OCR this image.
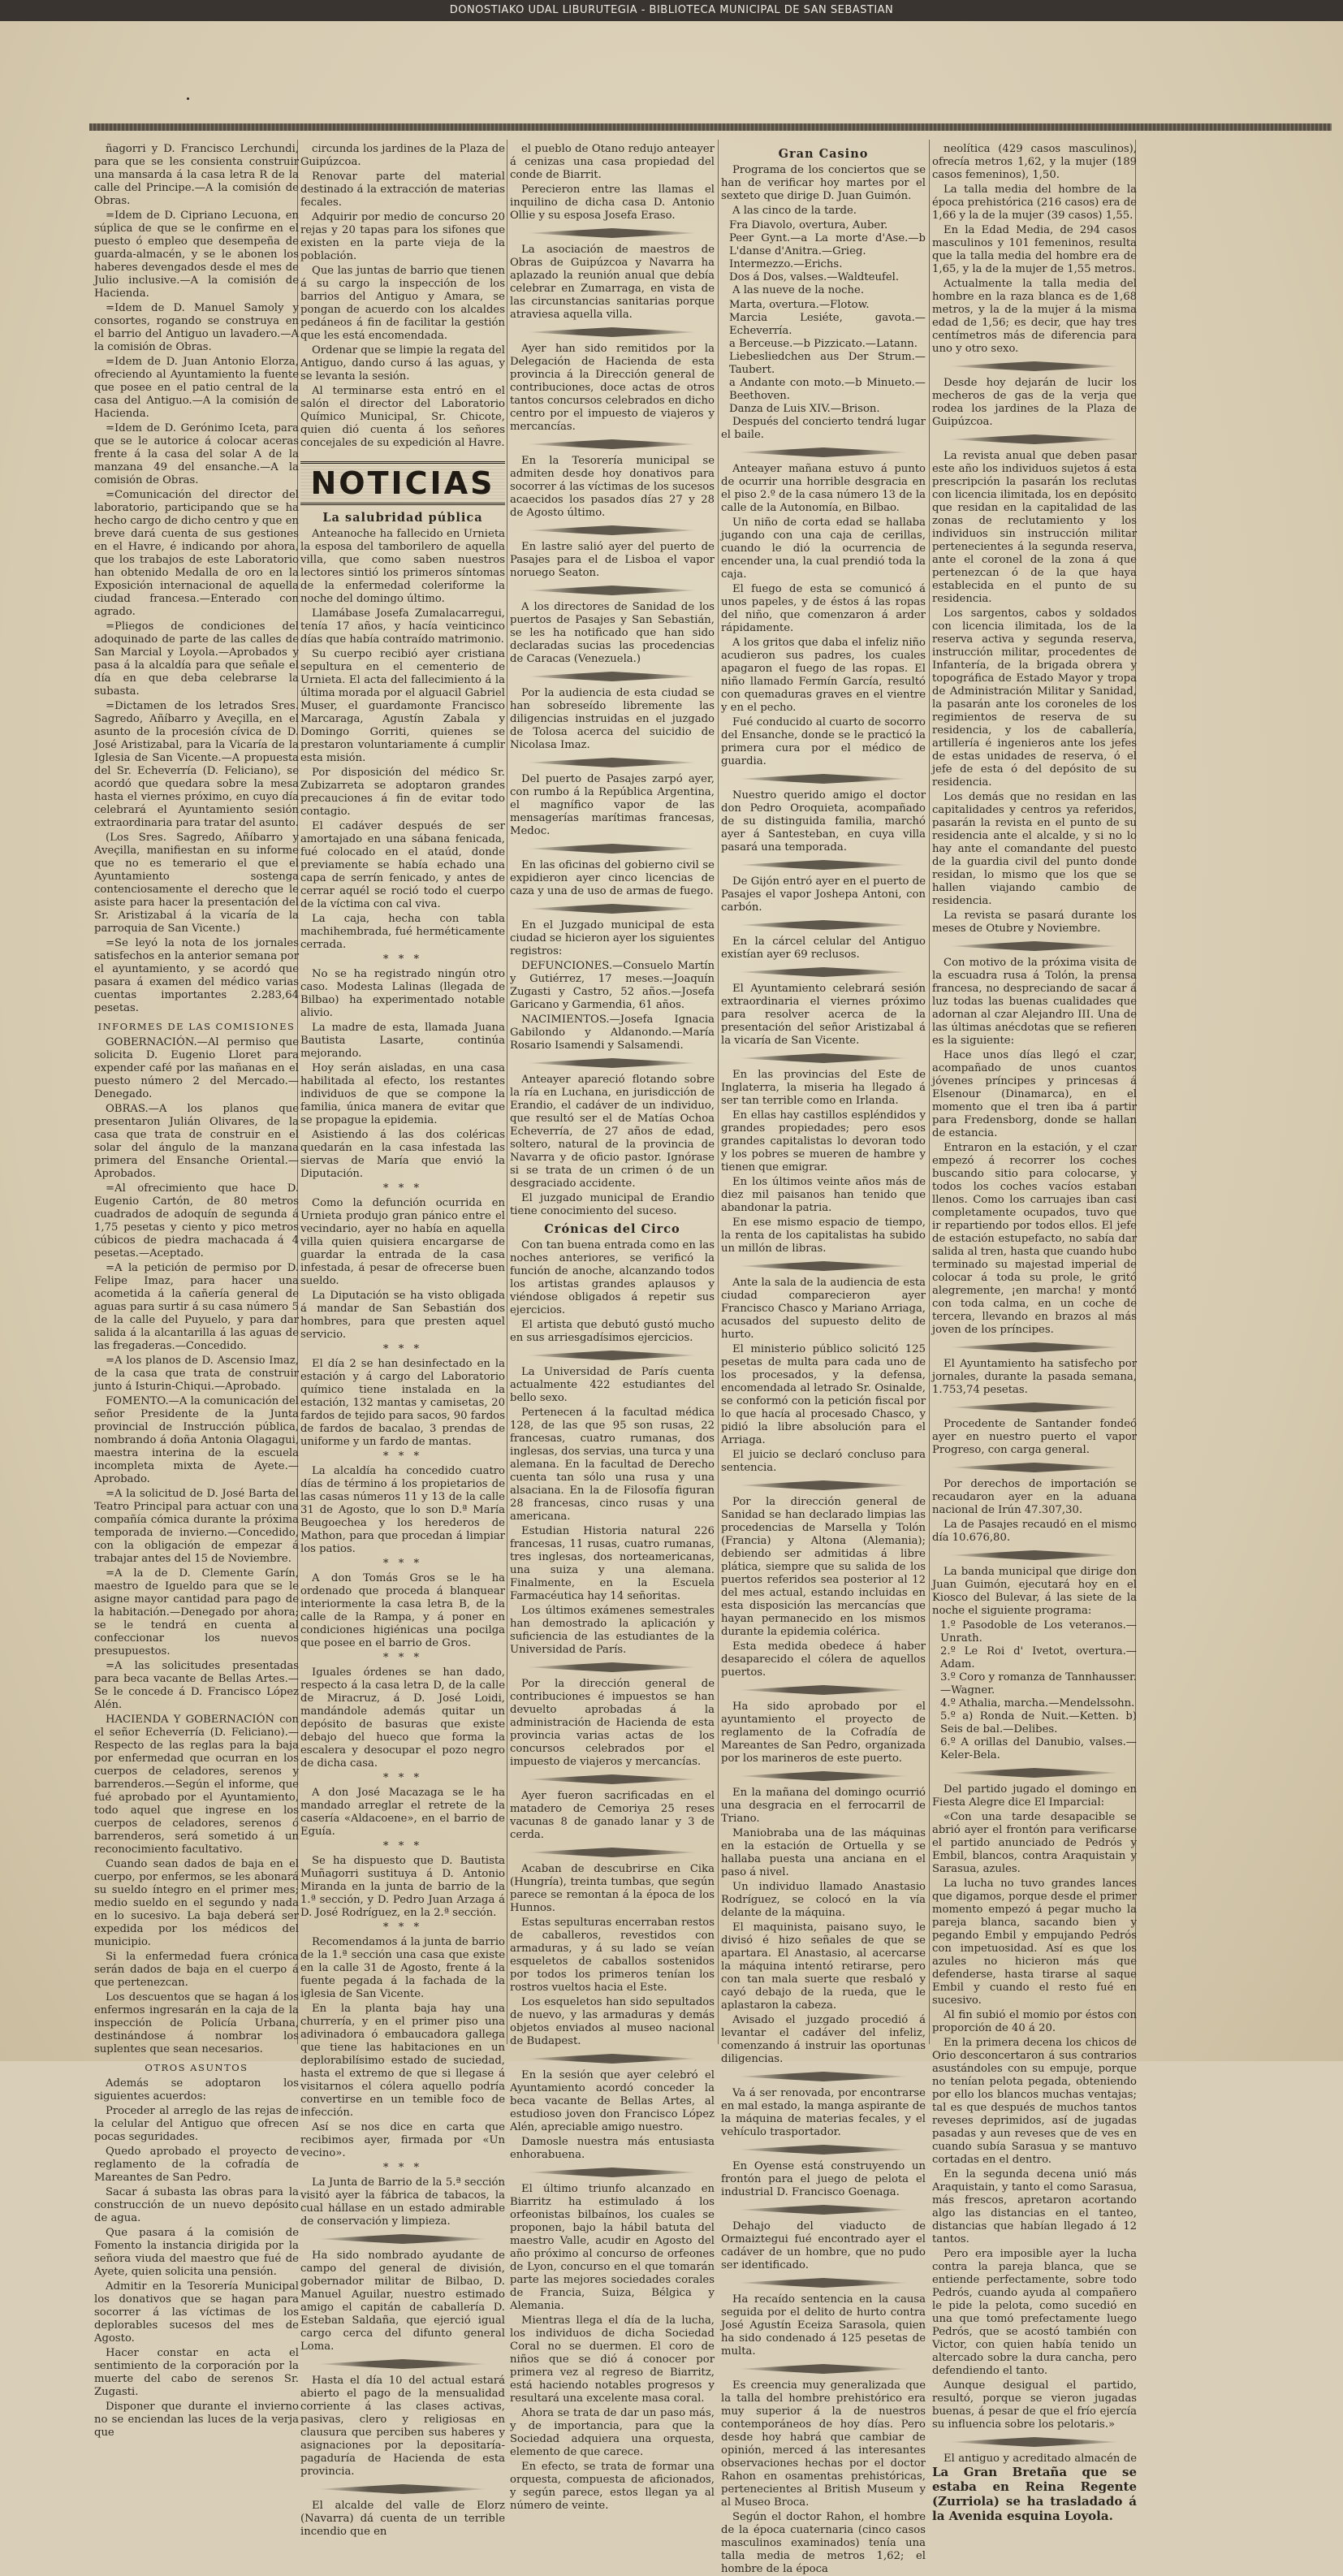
DONOSTIAKO UDAL LIBURUTEGIA - BIBLIOTECA MUNICIPAL DE SAN SEBASTIAN

ñagorri y D. Francisco Lerchundi, para que se les consienta construir una mansarda á la casa letra R de la calle del Principe.—A la comisión de Obras.

=Idem de D. Cipriano Lecuona, en súplica de que se le confirme en el puesto ó empleo que desempeña de guarda-almacén, y se le abonen los haberes devengados desde el mes de Julio inclusive.—A la comisión de Hacienda.

=Idem de D. Manuel Samoly y consortes, rogando se construya en el barrio del Antiguo un lavadero.—A la comisión de Obras.

=Idem de D. Juan Antonio Elorza, ofreciendo al Ayuntamiento la fuente que posee en el patio central de la casa del Antiguo.—A la comisión de Hacienda.

=Idem de D. Gerónimo Iceta, para que se le autorice á colocar aceras frente á la casa del solar A de la manzana 49 del ensanche.—A la comisión de Obras.

=Comunicación del director del laboratorio, participando que se ha hecho cargo de dicho centro y que en breve dará cuenta de sus gestiones en el Havre, é indicando por ahora, que los trabajos de este Laboratorio han obtenido Medalla de oro en la Exposición internacional de aquella ciudad francesa.—Enterado con agrado.

=Pliegos de condiciones del adoquinado de parte de las calles de San Marcial y Loyola.—Aprobados y pasa á la alcaldía para que señale el día en que deba celebrarse la subasta.

=Dictamen de los letrados Sres. Sagredo, Añíbarro y Aveçilla, en el asunto de la procesión cívica de D. José Aristizabal, para la Vicaría de la Iglesia de San Vicente.—A propuesta del Sr. Echeverría (D. Feliciano), se acordó que quedara sobre la mesa hasta el viernes próximo, en cuyo día celebrará el Ayuntamiento sesión extraordinaria para tratar del asunto.

(Los Sres. Sagredo, Añíbarro y Aveçilla, manifiestan en su informe que no es temerario el que el Ayuntamiento sostenga contenciosamente el derecho que le asiste para hacer la presentación del Sr. Aristizabal á la vicaría de la parroquia de San Vicente.)

=Se leyó la nota de los jornales satisfechos en la anterior semana por el ayuntamiento, y se acordó que pasara á examen del médico varias cuentas importantes 2.283,64 pesetas.

INFORMES DE LAS COMISIONES

GOBERNACIÓN.—Al permiso que solicita D. Eugenio Lloret para expender café por las mañanas en el puesto número 2 del Mercado.—Denegado.

OBRAS.—A los planos que presentaron Julián Olivares, de la casa que trata de construir en el solar del ángulo de la manzana primera del Ensanche Oriental.—Aprobados.

=Al ofrecimiento que hace D. Eugenio Cartón, de 80 metros cuadrados de adoquín de segunda á 1,75 pesetas y ciento y pico metros cúbicos de piedra machacada á 4 pesetas.—Aceptado.

=A la petición de permiso por D. Felipe Imaz, para hacer una acometida á la cañería general de aguas para surtir á su casa número 5 de la calle del Puyuelo, y para dar salida á la alcantarilla á las aguas de las fregaderas.—Concedido.

=A los planos de D. Ascensio Imaz, de la casa que trata de construir junto á Isturin-Chiqui.—Aprobado.

FOMENTO.—A la comunicación del señor Presidente de la Junta provincial de Instrucción pública, nombrando á doña Antonia Olagagui, maestra interina de la escuela incompleta mixta de Ayete.—Aprobado.

=A la solicitud de D. José Barta del Teatro Principal para actuar con una compañía cómica durante la próxima temporada de invierno.—Concedido, con la obligación de empezar á trabajar antes del 15 de Noviembre.

=A la de D. Clemente Garín, maestro de Igueldo para que se le asigne mayor cantidad para pago de la habitación.—Denegado por ahora; se le tendrá en cuenta al confeccionar los nuevos presupuestos.

=A las solicitudes presentadas para beca vacante de Bellas Artes.—Se le concede á D. Francisco López Alén.

HACIENDA Y GOBERNACIÓN con el señor Echeverría (D. Feliciano).—Respecto de las reglas para la baja por enfermedad que ocurran en los cuerpos de celadores, serenos y barrenderos.—Según el informe, que fué aprobado por el Ayuntamiento, todo aquel que ingrese en los cuerpos de celadores, serenos ó barrenderos, será sometido á un reconocimiento facultativo.

Cuando sean dados de baja en el cuerpo, por enfermos, se les abonará su sueldo íntegro en el primer mes; medio sueldo en el segundo y nada en lo sucesivo. La baja deberá ser expedida por los médicos del municipio.

Si la enfermedad fuera crónica serán dados de baja en el cuerpo á que pertenezcan.

Los descuentos que se hagan á los enfermos ingresarán en la caja de la inspección de Policía Urbana, destinándose á nombrar los suplentes que sean necesarios.

OTROS ASUNTOS

Además se adoptaron los siguientes acuerdos:

Proceder al arreglo de las rejas de la celular del Antiguo que ofrecen pocas seguridades.

Quedo aprobado el proyecto de reglamento de la cofradía de Mareantes de San Pedro.

Sacar á subasta las obras para la construcción de un nuevo depósito de agua.

Que pasara á la comisión de Fomento la instancia dirigida por la señora viuda del maestro que fué de Ayete, quien solicita una pensión.

Admitir en la Tesorería Municipal los donativos que se hagan para socorrer á las víctimas de los deplorables sucesos del mes de Agosto.

Hacer constar en acta el sentimiento de la corporación por la muerte del cabo de serenos Sr. Zugasti.

Disponer que durante el invierno no se enciendan las luces de la verja que

circunda los jardines de la Plaza de Guipúzcoa.

Renovar parte del material destinado á la extracción de materias fecales.

Adquirir por medio de concurso 20 rejas y 20 tapas para los sifones que existen en la parte vieja de la población.

Que las juntas de barrio que tienen á su cargo la inspección de los barrios del Antiguo y Amara, se pongan de acuerdo con los alcaldes pedáneos á fin de facilitar la gestión que les está encomendada.

Ordenar que se limpie la regata del Antiguo, dando curso á las aguas, y se levanta la sesión.

Al terminarse esta entró en el salón el director del Laboratorio Químico Municipal, Sr. Chicote, quien dió cuenta á los señores concejales de su expedición al Havre.

NOTICIAS

La salubridad pública

Anteanoche ha fallecido en Urnieta la esposa del tamborilero de aquella villa, que como saben nuestros lectores sintió los primeros síntomas de la enfermedad coleriforme la noche del domingo último.

Llamábase Josefa Zumalacarregui, tenía 17 años, y hacía veinticinco días que había contraído matrimonio.

Su cuerpo recibió ayer cristiana sepultura en el cementerio de Urnieta. El acta del fallecimiento á la última morada por el alguacil Gabriel Muser, el guardamonte Francisco Marcaraga, Agustín Zabala y Domingo Gorriti, quienes se prestaron voluntariamente á cumplir esta misión.

Por disposición del médico Sr. Zubizarreta se adoptaron grandes precauciones á fin de evitar todo contagio.

El cadáver después de ser amortajado en una sábana fenicada, fué colocado en el ataúd, donde previamente se había echado una capa de serrín fenicado, y antes de cerrar aquél se roció todo el cuerpo de la víctima con cal viva.

La caja, hecha con tabla machihembrada, fué herméticamente cerrada.

* * *

No se ha registrado ningún otro caso. Modesta Lalinas (llegada de Bilbao) ha experimentado notable alivio.

La madre de esta, llamada Juana Bautista Lasarte, continúa mejorando.

Hoy serán aisladas, en una casa habilitada al efecto, los restantes individuos de que se compone la familia, única manera de evitar que se propague la epidemia.

Asistiendo á las dos coléricas quedarán en la casa infestada las siervas de María que envió la Diputación.

* * *

Como la defunción ocurrida en Urnieta produjo gran pánico entre el vecindario, ayer no había en aquella villa quien quisiera encargarse de guardar la entrada de la casa infestada, á pesar de ofrecerse buen sueldo.

La Diputación se ha visto obligada á mandar de San Sebastián dos hombres, para que presten aquel servicio.

* * *

El día 2 se han desinfectado en la estación y á cargo del Laboratorio químico tiene instalada en la estación, 132 mantas y camisetas, 20 fardos de tejido para sacos, 90 fardos de fardos de bacalao, 3 prendas de uniforme y un fardo de mantas.

* * *

La alcaldía ha concedido cuatro días de término á los propietarios de las casas números 11 y 13 de la calle 31 de Agosto, que lo son D.ª María Beugoechea y los herederos de Mathon, para que procedan á limpiar los patios.

* * *

A don Tomás Gros se le ha ordenado que proceda á blanquear interiormente la casa letra B, de la calle de la Rampa, y á poner en condiciones higiénicas una pocilga que posee en el barrio de Gros.

* * *

Iguales órdenes se han dado, respecto á la casa letra D, de la calle de Miracruz, á D. José Loidi, mandándole además quitar un depósito de basuras que existe debajo del hueco que forma la escalera y desocupar el pozo negro de dicha casa.

* * *

A don José Macazaga se le ha mandado arreglar el retrete de la casería «Aldacoene», en el barrio de Eguía.

* * *

Se ha dispuesto que D. Bautista Muñagorri sustituya á D. Antonio Miranda en la junta de barrio de la 1.ª sección, y D. Pedro Juan Arzaga á D. José Rodríguez, en la 2.ª sección.

* * *

Recomendamos á la junta de barrio de la 1.ª sección una casa que existe en la calle 31 de Agosto, frente á la fuente pegada á la fachada de la iglesia de San Vicente.

En la planta baja hay una churrería, y en el primer piso una adivinadora ó embaucadora gallega que tiene las habitaciones en un deplorabilísimo estado de suciedad, hasta el extremo de que si llegase á visitarnos el cólera aquello podría convertirse en un temible foco de infección.

Así se nos dice en carta que recibimos ayer, firmada por «Un vecino».

* * *

La Junta de Barrio de la 5.ª sección visitó ayer la fábrica de tabacos, la cual hállase en un estado admirable de conservación y limpieza.

Ha sido nombrado ayudante de campo del general de división, gobernador militar de Bilbao, D. Manuel Aguilar, nuestro estimado amigo el capitán de caballería D. Esteban Saldaña, que ejerció igual cargo cerca del difunto general Loma.

Hasta el día 10 del actual estará abierto el pago de la mensualidad corriente á las clases activas, pasivas, clero y religiosas en clausura que perciben sus haberes y asignaciones por la depositaría-pagaduría de Hacienda de esta provincia.

El alcalde del valle de Elorz (Navarra) dá cuenta de un terrible incendio que en

el pueblo de Otano redujo anteayer á cenizas una casa propiedad del conde de Biarrit.

Perecieron entre las llamas el inquilino de dicha casa D. Antonio Ollie y su esposa Josefa Eraso.

La asociación de maestros de Obras de Guipúzcoa y Navarra ha aplazado la reunión anual que debía celebrar en Zumarraga, en vista de las circunstancias sanitarias porque atraviesa aquella villa.

Ayer han sido remitidos por la Delegación de Hacienda de esta provincia á la Dirección general de contribuciones, doce actas de otros tantos concursos celebrados en dicho centro por el impuesto de viajeros y mercancías.

En la Tesorería municipal se admiten desde hoy donativos para socorrer á las víctimas de los sucesos acaecidos los pasados días 27 y 28 de Agosto último.

En lastre salió ayer del puerto de Pasajes para el de Lisboa el vapor noruego Seaton.

A los directores de Sanidad de los puertos de Pasajes y San Sebastián, se les ha notificado que han sido declaradas sucias las procedencias de Caracas (Venezuela.)

Por la audiencia de esta ciudad se han sobreseído libremente las diligencias instruidas en el juzgado de Tolosa acerca del suicidio de Nicolasa Imaz.

Del puerto de Pasajes zarpó ayer, con rumbo á la República Argentina, el magnífico vapor de las mensagerías marítimas francesas, Medoc.

En las oficinas del gobierno civil se expidieron ayer cinco licencias de caza y una de uso de armas de fuego.

En el Juzgado municipal de esta ciudad se hicieron ayer los siguientes registros:

DEFUNCIONES.—Consuelo Martín y Gutiérrez, 17 meses.—Joaquín Zugasti y Castro, 52 años.—Josefa Garicano y Garmendia, 61 años.

NACIMIENTOS.—Josefa Ignacia Gabilondo y Aldanondo.—María Rosario Isamendi y Salsamendi.

Anteayer apareció flotando sobre la ría en Luchana, en jurisdicción de Erandio, el cadáver de un individuo, que resultó ser el de Matías Ochoa Echeverría, de 27 años de edad, soltero, natural de la provincia de Navarra y de oficio pastor. Ignórase si se trata de un crimen ó de un desgraciado accidente.

El juzgado municipal de Erandio tiene conocimiento del suceso.

Crónicas del Circo

Con tan buena entrada como en las noches anteriores, se verificó la función de anoche, alcanzando todos los artistas grandes aplausos y viéndose obligados á repetir sus ejercicios.

El artista que debutó gustó mucho en sus arriesgadísimos ejercicios.

La Universidad de París cuenta actualmente 422 estudiantes del bello sexo.

Pertenecen á la facultad médica 128, de las que 95 son rusas, 22 francesas, cuatro rumanas, dos inglesas, dos servias, una turca y una alemana. En la facultad de Derecho cuenta tan sólo una rusa y una alsaciana. En la de Filosofía figuran 28 francesas, cinco rusas y una americana.

Estudian Historia natural 226 francesas, 11 rusas, cuatro rumanas, tres inglesas, dos norteamericanas, una suiza y una alemana. Finalmente, en la Escuela Farmacéutica hay 14 señoritas.

Los últimos exámenes semestrales han demostrado la aplicación y suficiencia de las estudiantes de la Universidad de París.

Por la dirección general de contribuciones é impuestos se han devuelto aprobadas á la administración de Hacienda de esta provincia varias actas de los concursos celebrados por el impuesto de viajeros y mercancías.

Ayer fueron sacrificadas en el matadero de Cemoriya 25 reses vacunas 8 de ganado lanar y 3 de cerda.

Acaban de descubrirse en Cika (Hungría), treinta tumbas, que según parece se remontan á la época de los Hunnos.

Estas sepulturas encerraban restos de caballeros, revestidos con armaduras, y á su lado se veían esqueletos de caballos sostenidos por todos los primeros tenían los rostros vueltos hacia el Este.

Los esqueletos han sido sepultados de nuevo, y las armaduras y demás objetos enviados al museo nacional de Budapest.

En la sesión que ayer celebró el Ayuntamiento acordó conceder la beca vacante de Bellas Artes, al estudioso joven don Francisco López Alén, apreciable amigo nuestro.

Damosle nuestra más entusiasta enhorabuena.

El último triunfo alcanzado en Biarritz ha estimulado á los orfeonistas bilbaínos, los cuales se proponen, bajo la hábil batuta del maestro Valle, acudir en Agosto del año próximo al concurso de orfeones de Lyon, concurso en el que tomarán parte las mejores sociedades corales de Francia, Suiza, Bélgica y Alemania.

Mientras llega el día de la lucha, los individuos de dicha Sociedad Coral no se duermen. El coro de niños que se dió á conocer por primera vez al regreso de Biarritz, está haciendo notables progresos y resultará una excelente masa coral.

Ahora se trata de dar un paso más, y de importancia, para que la Sociedad adquiera una orquesta, elemento de que carece.

En efecto, se trata de formar una orquesta, compuesta de aficionados, y según parece, estos llegan ya al número de veinte.

Gran Casino

Programa de los conciertos que se han de verificar hoy martes por el sexteto que dirige D. Juan Guimón.

A las cinco de la tarde.

Fra Diavolo, overtura, Auber.

Peer Gynt.—a La morte d'Ase.—b L'danse d'Anitra.—Grieg.

Intermezzo.—Erichs.

Dos á Dos, valses.—Waldteufel.

A las nueve de la noche.

Marta, overtura.—Flotow.

Marcia Lesiéte, gavota.—Echeverría.

a Berceuse.—b Pizzicato.—Latann.

Liebesliedchen aus Der Strum.—Taubert.

a Andante con moto.—b Minueto.—Beethoven.

Danza de Luis XIV.—Brison.

Después del concierto tendrá lugar el baile.

Anteayer mañana estuvo á punto de ocurrir una horrible desgracia en el piso 2.º de la casa número 13 de la calle de la Autonomía, en Bilbao.

Un niño de corta edad se hallaba jugando con una caja de cerillas, cuando le dió la ocurrencia de encender una, la cual prendió toda la caja.

El fuego de esta se comunicó á unos papeles, y de éstos á las ropas del niño, que comenzaron á arder rápidamente.

A los gritos que daba el infeliz niño acudieron sus padres, los cuales apagaron el fuego de las ropas. El niño llamado Fermín García, resultó con quemaduras graves en el vientre y en el pecho.

Fué conducido al cuarto de socorro del Ensanche, donde se le practicó la primera cura por el médico de guardia.

Nuestro querido amigo el doctor don Pedro Oroquieta, acompañado de su distinguida familia, marchó ayer á Santesteban, en cuya villa pasará una temporada.

De Gijón entró ayer en el puerto de Pasajes el vapor Joshepa Antoni, con carbón.

En la cárcel celular del Antiguo existían ayer 69 reclusos.

El Ayuntamiento celebrará sesión extraordinaria el viernes próximo para resolver acerca de la presentación del señor Aristizabal á la vicaría de San Vicente.

En las provincias del Este de Inglaterra, la miseria ha llegado á ser tan terrible como en Irlanda.

En ellas hay castillos espléndidos y grandes propiedades; pero esos grandes capitalistas lo devoran todo y los pobres se mueren de hambre y tienen que emigrar.

En los últimos veinte años más de diez mil paisanos han tenido que abandonar la patria.

En ese mismo espacio de tiempo, la renta de los capitalistas ha subido un millón de libras.

Ante la sala de la audiencia de esta ciudad comparecieron ayer Francisco Chasco y Mariano Arriaga, acusados del supuesto delito de hurto.

El ministerio público solicitó 125 pesetas de multa para cada uno de los procesados, y la defensa, encomendada al letrado Sr. Osinalde, se conformó con la petición fiscal por lo que hacía al procesado Chasco, y pidió la libre absolución para el Arriaga.

El juicio se declaró concluso para sentencia.

Por la dirección general de Sanidad se han declarado limpias las procedencias de Marsella y Tolón (Francia) y Altona (Alemania); debiendo ser admitidas á libre plática, siempre que su salida de los puertos referidos sea posterior al 12 del mes actual, estando incluidas en esta disposición las mercancías que hayan permanecido en los mismos durante la epidemia colérica.

Esta medida obedece á haber desaparecido el cólera de aquellos puertos.

Ha sido aprobado por el ayuntamiento el proyecto de reglamento de la Cofradía de Mareantes de San Pedro, organizada por los marineros de este puerto.

En la mañana del domingo ocurrió una desgracia en el ferrocarril de Triano.

Maniobraba una de las máquinas en la estación de Ortuella y se hallaba puesta una anciana en el paso á nivel.

Un individuo llamado Anastasio Rodríguez, se colocó en la vía delante de la máquina.

El maquinista, paisano suyo, le divisó é hizo señales de que se apartara. El Anastasio, al acercarse la máquina intentó retirarse, pero con tan mala suerte que resbaló y cayó debajo de la rueda, que le aplastaron la cabeza.

Avisado el juzgado procedió á levantar el cadáver del infeliz, comenzando á instruir las oportunas diligencias.

Va á ser renovada, por encontrarse en mal estado, la manga aspirante de la máquina de materias fecales, y el vehículo trasportador.

En Oyense está construyendo un frontón para el juego de pelota el industrial D. Francisco Goenaga.

Dehajo del viaducto de Ormaiztegui fué encontrado ayer el cadáver de un hombre, que no pudo ser identificado.

Ha recaído sentencia en la causa seguida por el delito de hurto contra José Agustín Eceiza Sarasola, quien ha sido condenado á 125 pesetas de multa.

Es creencia muy generalizada que la talla del hombre prehistórico era muy superior á la de nuestros contemporáneos de hoy días. Pero desde hoy habrá que cambiar de opinión, merced á las interesantes observaciones hechas por el doctor Rahon en osamentas prehistóricas, pertenecientes al British Museum y al Museo Broca.

Según el doctor Rahon, el hombre de la época cuaternaria (cinco casos masculinos examinados) tenía una talla media de metros 1,62; el hombre de la época

neolítica (429 casos masculinos), ofrecía metros 1,62, y la mujer (189 casos femeninos), 1,50.

La talla media del hombre de la época prehistórica (216 casos) era de 1,66 y la de la mujer (39 casos) 1,55.

En la Edad Media, de 294 casos masculinos y 101 femeninos, resulta que la talla media del hombre era de 1,65, y la de la mujer de 1,55 metros.

Actualmente la talla media del hombre en la raza blanca es de 1,68 metros, y la de la mujer á la misma edad de 1,56; es decir, que hay tres centímetros más de diferencia para uno y otro sexo.

Desde hoy dejarán de lucir los mecheros de gas de la verja que rodea los jardines de la Plaza de Guipúzcoa.

La revista anual que deben pasar este año los individuos sujetos á esta prescripción la pasarán los reclutas con licencia ilimitada, los en depósito que residan en la capitalidad de las zonas de reclutamiento y los individuos sin instrucción militar pertenecientes á la segunda reserva, ante el coronel de la zona á que pertenezcan ó de la que haya establecida en el punto de su residencia.

Los sargentos, cabos y soldados con licencia ilimitada, los de la reserva activa y segunda reserva, instrucción militar, procedentes de Infantería, de la brigada obrera y topográfica de Estado Mayor y tropa de Administración Militar y Sanidad, la pasarán ante los coroneles de los regimientos de reserva de su residencia, y los de caballería, artillería é ingenieros ante los jefes de estas unidades de reserva, ó el jefe de esta ó del depósito de su residencia.

Los demás que no residan en las capitalidades y centros ya referidos, pasarán la revista en el punto de su residencia ante el alcalde, y si no lo hay ante el comandante del puesto de la guardia civil del punto donde residan, lo mismo que los que se hallen viajando cambio de residencia.

La revista se pasará durante los meses de Otubre y Noviembre.

Con motivo de la próxima visita de la escuadra rusa á Tolón, la prensa francesa, no despreciando de sacar á luz todas las buenas cualidades que adornan al czar Alejandro III. Una de las últimas anécdotas que se refieren es la siguiente:

Hace unos días llegó el czar, acompañado de unos cuantos jóvenes príncipes y princesas á Elsenour (Dinamarca), en el momento que el tren iba á partir para Fredensborg, donde se hallan de estancia.

Entraron en la estación, y el czar empezó á recorrer los coches buscando sitio para colocarse, y todos los coches vacíos estaban llenos. Como los carruajes iban casi completamente ocupados, tuvo que ir repartiendo por todos ellos. El jefe de estación estupefacto, no sabía dar salida al tren, hasta que cuando hubo terminado su majestad imperial de colocar á toda su prole, le gritó alegremente, ¡en marcha! y montó con toda calma, en un coche de tercera, llevando en brazos al más joven de los príncipes.

El Ayuntamiento ha satisfecho por jornales, durante la pasada semana, 1.753,74 pesetas.

Procedente de Santander fondeó ayer en nuestro puerto el vapor Progreso, con carga general.

Por derechos de importación se recaudaron ayer en la aduana nacional de Irún 47.307,30.

La de Pasajes recaudó en el mismo día 10.676,80.

La banda municipal que dirige don Juan Guimón, ejecutará hoy en el Kiosco del Bulevar, á las siete de la noche el siguiente programa:

1.º Pasodoble de Los veteranos.—Unrath.

2.º Le Roi d' Ivetot, overtura.—Adam.

3.º Coro y romanza de Tannhausser.—Wagner.

4.º Athalia, marcha.—Mendelssohn.

5.º a) Ronda de Nuit.—Ketten. b) Seis de bal.—Delibes.

6.º A orillas del Danubio, valses.—Keler-Bela.

Del partido jugado el domingo en Fiesta Alegre dice El Imparcial:

«Con una tarde desapacible se abrió ayer el frontón para verificarse el partido anunciado de Pedrós y Embil, blancos, contra Araquistain y Sarasua, azules.

La lucha no tuvo grandes lances que digamos, porque desde el primer momento empezó á pegar mucho la pareja blanca, sacando bien y pegando Embil y empujando Pedrós con impetuosidad. Así es que los azules no hicieron más que defenderse, hasta tirarse al saque Embil y cuando el resto fué en sucesivo.

Al fin subió el momio por éstos con proporción de 40 á 20.

En la primera decena los chicos de Orio desconcertaron á sus contrarios asustándoles con su empuje, porque no tenían pelota pegada, obteniendo por ello los blancos muchas ventajas; tal es que después de muchos tantos reveses deprimidos, así de jugadas pasadas y aun reveses que de ves en cuando subía Sarasua y se mantuvo cortadas en el dentro.

En la segunda decena unió más Araquistain, y tanto el como Sarasua, más frescos, apretaron acortando algo las distancias en el tanteo, distancias que habían llegado á 12 tantos.

Pero era imposible ayer la lucha contra la pareja blanca, que se entiende perfectamente, sobre todo Pedrós, cuando ayuda al compañero le pide la pelota, como sucedió en una que tomó prefectamente luego Pedrós, que se acostó también con Victor, con quien había tenido un altercado sobre la dura cancha, pero defendiendo el tanto.

Aunque desigual el partido, resultó, porque se vieron jugadas buenas, á pesar de que el frío ejercía su influencia sobre los pelotaris.»

El antiguo y acreditado almacén de La Gran Bretaña que se estaba en Reina Regente (Zurriola) se ha trasladado á la Avenida esquina Loyola.
